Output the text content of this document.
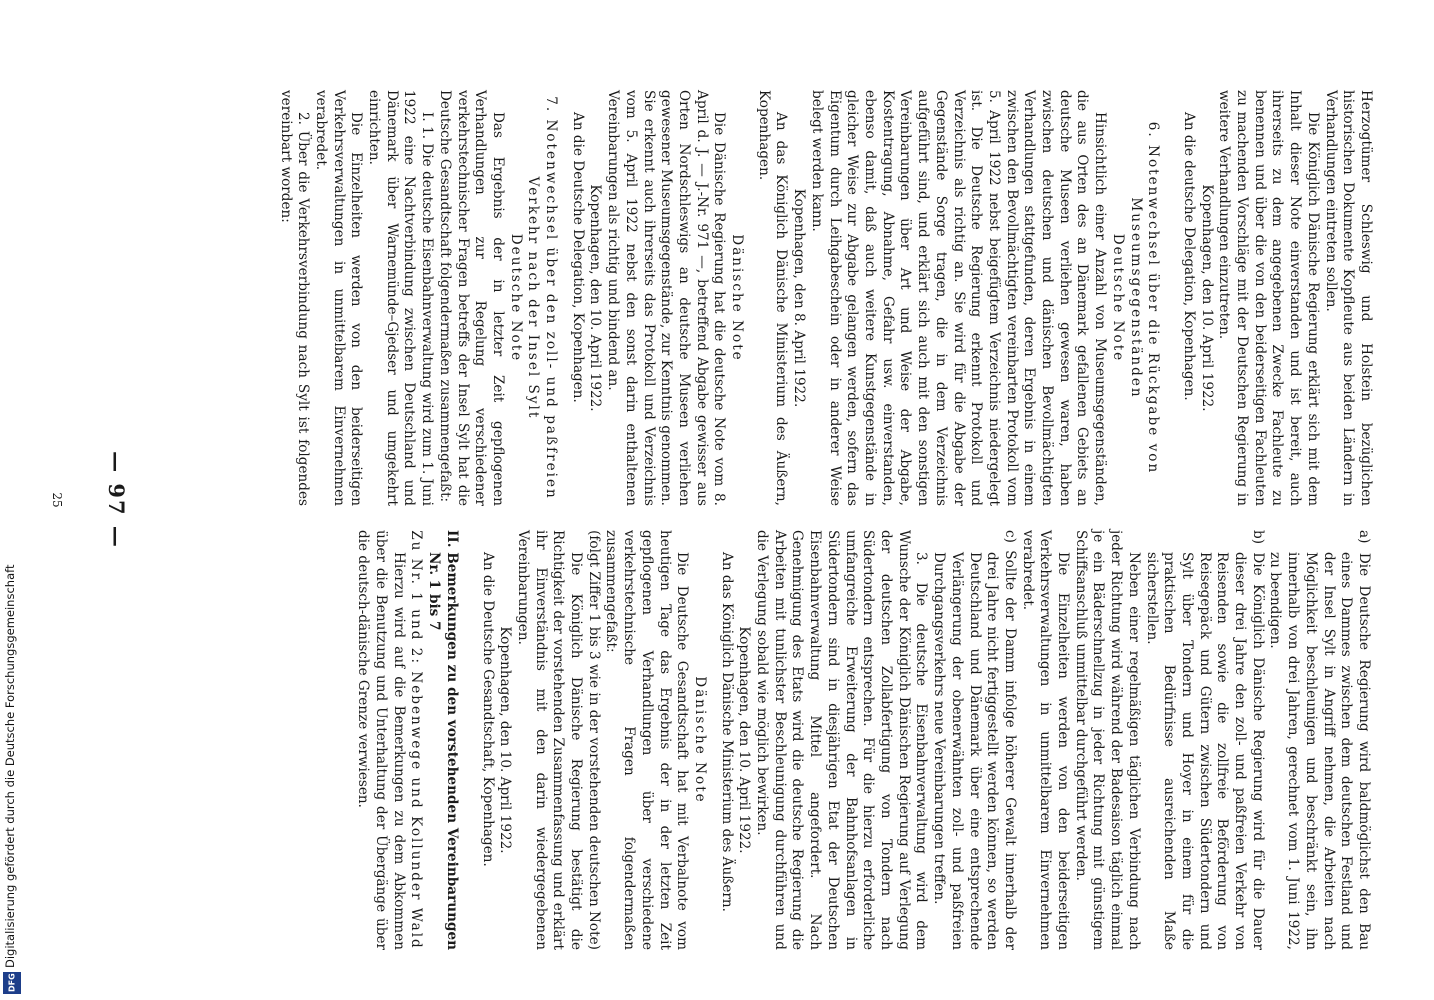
— 97 —	Herzogtümer Schleswig und Holstein bezüglichen historischen Dokumente Kopfleute aus beiden Ländern in Verhandlungen eintreten sollen.

Die Königlich Dänische Regierung erklärt sich mit dem Inhalt dieser Note einverstanden und ist bereit, auch ihrerseits zu dem angegebenen Zwecke Fachleute zu benennen und über die von den beiderseitigen Fachleuten zu machenden Vorschläge mit der Deutschen Regierung in weitere Verhandlungen einzutreten.

Kopenhagen, den 10. April 1922.

An die deutsche Delegation, Kopenhagen.

6. Notenwechsel über die Rückgabe von Museumsgegenständen

Deutsche Note

Hinsichtlich einer Anzahl von Museumsgegenständen, die aus Orten des an Dänemark gefallenen Gebiets an deutsche Museen verliehen gewesen waren, haben zwischen deutschen und dänischen Bevollmächtigten Verhandlungen stattgefunden, deren Ergebnis in einem zwischen den Bevollmächtigten vereinbarten Protokoll vom 5. April 1922 nebst beigefügtem Verzeichnis niedergelegt ist. Die Deutsche Regierung erkennt Protokoll und Verzeichnis als richtig an. Sie wird für die Abgabe der Gegenstände Sorge tragen, die in dem Verzeichnis aufgeführt sind, und erklärt sich auch mit den sonstigen Vereinbarungen über Art und Weise der Abgabe, Kostentragung, Abnahme, Gefahr usw. einverstanden, ebenso damit, daß auch weitere Kunstgegenstände in gleicher Weise zur Abgabe gelangen werden, sofern das Eigentum durch Leihgabeschein oder in anderer Weise belegt werden kann.

Kopenhagen, den 8. April 1922.

An das Königlich Dänische Ministerium des Äußern, Kopenhagen.

Dänische Note

Die Dänische Regierung hat die deutsche Note vom 8. April d. J. — J.-Nr. 971 —, betreffend Abgabe gewisser aus Orten Nordschleswigs an deutsche Museen verliehen gewesener Museumsgegenstände, zur Kenntnis genommen. Sie erkennt auch ihrerseits das Protokoll und Verzeichnis vom 5. April 1922 nebst den sonst darin enthaltenen Vereinbarungen als richtig und bindend an.

Kopenhagen, den 10. April 1922.

An die Deutsche Delegation, Kopenhagen.

7. Notenwechsel über den zoll- und paßfreien Verkehr nach der Insel Sylt

Deutsche Note

Das Ergebnis der in letzter Zeit gepflogenen Verhandlungen zur Regelung verschiedener verkehrstechnischer Fragen betreffs der Insel Sylt hat die Deutsche Gesandtschaft folgendermaßen zusammengefaßt:

I. 1. Die deutsche Eisenbahnverwaltung wird zum 1. Juni 1922 eine Nachtverbindung zwischen Deutschland und Dänemark über Warnemünde–Gjedser und umgekehrt einrichten.

Die Einzelheiten werden von den beiderseitigen Verkehrsverwaltungen in unmittelbarem Einvernehmen verabredet.

2. Über die Verkehrsverbindung nach Sylt ist folgendes vereinbart worden:

a) Die Deutsche Regierung wird baldmöglichst den Bau eines Dammes zwischen dem deutschen Festland und der Insel Sylt in Angriff nehmen, die Arbeiten nach Möglichkeit beschleunigen und beschränkt sein, ihn innerhalb von drei Jahren, gerechnet vom 1. Juni 1922, zu beendigen.

b) Die Königlich Dänische Regierung wird für die Dauer dieser drei Jahre den zoll- und paßfreien Verkehr von Reisenden sowie die zollfreie Beförderung von Reisegepäck und Gütern zwischen Südertondern und Sylt über Tondern und Hoyer in einem für die praktischen Bedürfnisse ausreichenden Maße sicherstellen.

Neben einer regelmäßigen täglichen Verbindung nach jeder Richtung wird während der Badesaison täglich einmal je ein Bäderschnellzug in jeder Richtung mit günstigem Schiffsanschluß unmittelbar durchgeführt werden.

Die Einzelheiten werden von den beiderseitigen Verkehrsverwaltungen in unmittelbarem Einvernehmen verabredet.

c) Sollte der Damm infolge höherer Gewalt innerhalb der drei Jahre nicht fertiggestellt werden können, so werden Deutschland und Dänemark über eine entsprechende Verlängerung der obenerwähnten zoll- und paßfreien Durchgangsverkehrs neue Vereinbarungen treffen.

3. Die deutsche Eisenbahnverwaltung wird dem Wunsche der Königlich Dänischen Regierung auf Verlegung der deutschen Zollabfertigung von Tondern nach Südertondern entsprechen. Für die hierzu erforderliche umfangreiche Erweiterung der Bahnhofsanlagen in Südertondern sind in diesjährigen Etat der Deutschen Eisenbahnverwaltung Mittel angefordert. Nach Genehmigung des Etats wird die deutsche Regierung die Arbeiten mit tunlichster Beschleunigung durchführen und die Verlegung sobald wie möglich bewirken.

Kopenhagen, den 10. April 1922.

An das Königlich Dänische Ministerium des Äußern.

Dänische Note

Die Deutsche Gesandtschaft hat mit Verbalnote vom heutigen Tage das Ergebnis der in der letzten Zeit gepflogenen Verhandlungen über verschiedene verkehrstechnische Fragen folgendermaßen zusammengefaßt:

(folgt Ziffer 1 bis 3 wie in der vorstehenden deutschen Note)

Die Königlich Dänische Regierung bestätigt die Richtigkeit der vorstehenden Zusammenfassung und erklärt ihr Einverständnis mit den darin wiedergegebenen Vereinbarungen.

Kopenhagen, den 10. April 1922.

An die Deutsche Gesandtschaft, Kopenhagen.

II. Bemerkungen zu den vorstehenden Vereinbarungen Nr. 1 bis 7

Zu Nr. 1 und 2: Nebenwege und Kollunder Wald

Hierzu wird auf die Bemerkungen zu dem Abkommen über die Benutzung und Unterhaltung der Übergänge über die deutsch-dänische Grenze verwiesen.

25
Digitalisierung gefördert durch die Deutsche Forschungsgemeinschaft
DFG
